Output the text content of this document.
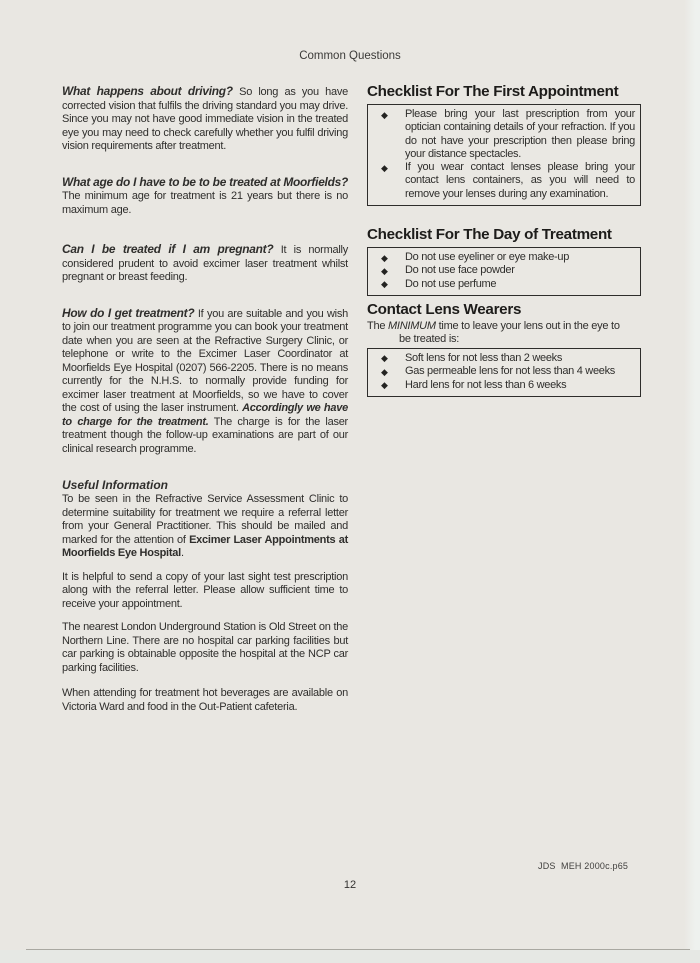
Common Questions

What happens about driving? So long as you have corrected vision that fulfils the driving standard you may drive. Since you may not have good immediate vision in the treated eye you may need to check carefully whether you fulfil driving vision requirements after treatment.

What age do I have to be to be treated at Moorfields? The minimum age for treatment is 21 years but there is no maximum age.

Can I be treated if I am pregnant? It is normally considered prudent to avoid excimer laser treatment whilst pregnant or breast feeding.

How do I get treatment? If you are suitable and you wish to join our treatment programme you can book your treatment date when you are seen at the Refractive Surgery Clinic, or telephone or write to the Excimer Laser Coordinator at Moorfields Eye Hospital (0207) 566-2205. There is no means currently for the N.H.S. to normally provide funding for excimer laser treatment at Moorfields, so we have to cover the cost of using the laser instrument. Accordingly we have to charge for the treatment. The charge is for the laser treatment though the follow-up examinations are part of our clinical research programme.

Useful Information

To be seen in the Refractive Service Assessment Clinic to determine suitability for treatment we require a referral letter from your General Practitioner. This should be mailed and marked for the attention of Excimer Laser Appointments at Moorfields Eye Hospital.

It is helpful to send a copy of your last sight test prescription along with the referral letter. Please allow sufficient time to receive your appointment.

The nearest London Underground Station is Old Street on the Northern Line. There are no hospital car parking facilities but car parking is obtainable opposite the hospital at the NCP car parking facilities.

When attending for treatment hot beverages are available on Victoria Ward and food in the Out-Patient cafeteria.

Checklist For The First Appointment
◆ Please bring your last prescription from your optician containing details of your refraction. If you do not have your prescription then please bring your distance spectacles.
◆ If you wear contact lenses please bring your contact lens containers, as you will need to remove your lenses during any examination.
Checklist For The Day of Treatment
◆ Do not use eyeliner or eye make-up
◆ Do not use face powder
◆ Do not use perfume
Contact Lens Wearers
The MINIMUM time to leave your lens out in the eye to
be treated is:
◆ Soft lens for not less than 2 weeks
◆ Gas permeable lens for not less than 4 weeks
◆ Hard lens for not less than 6 weeks
JDS  MEH 2000c.p65
12
